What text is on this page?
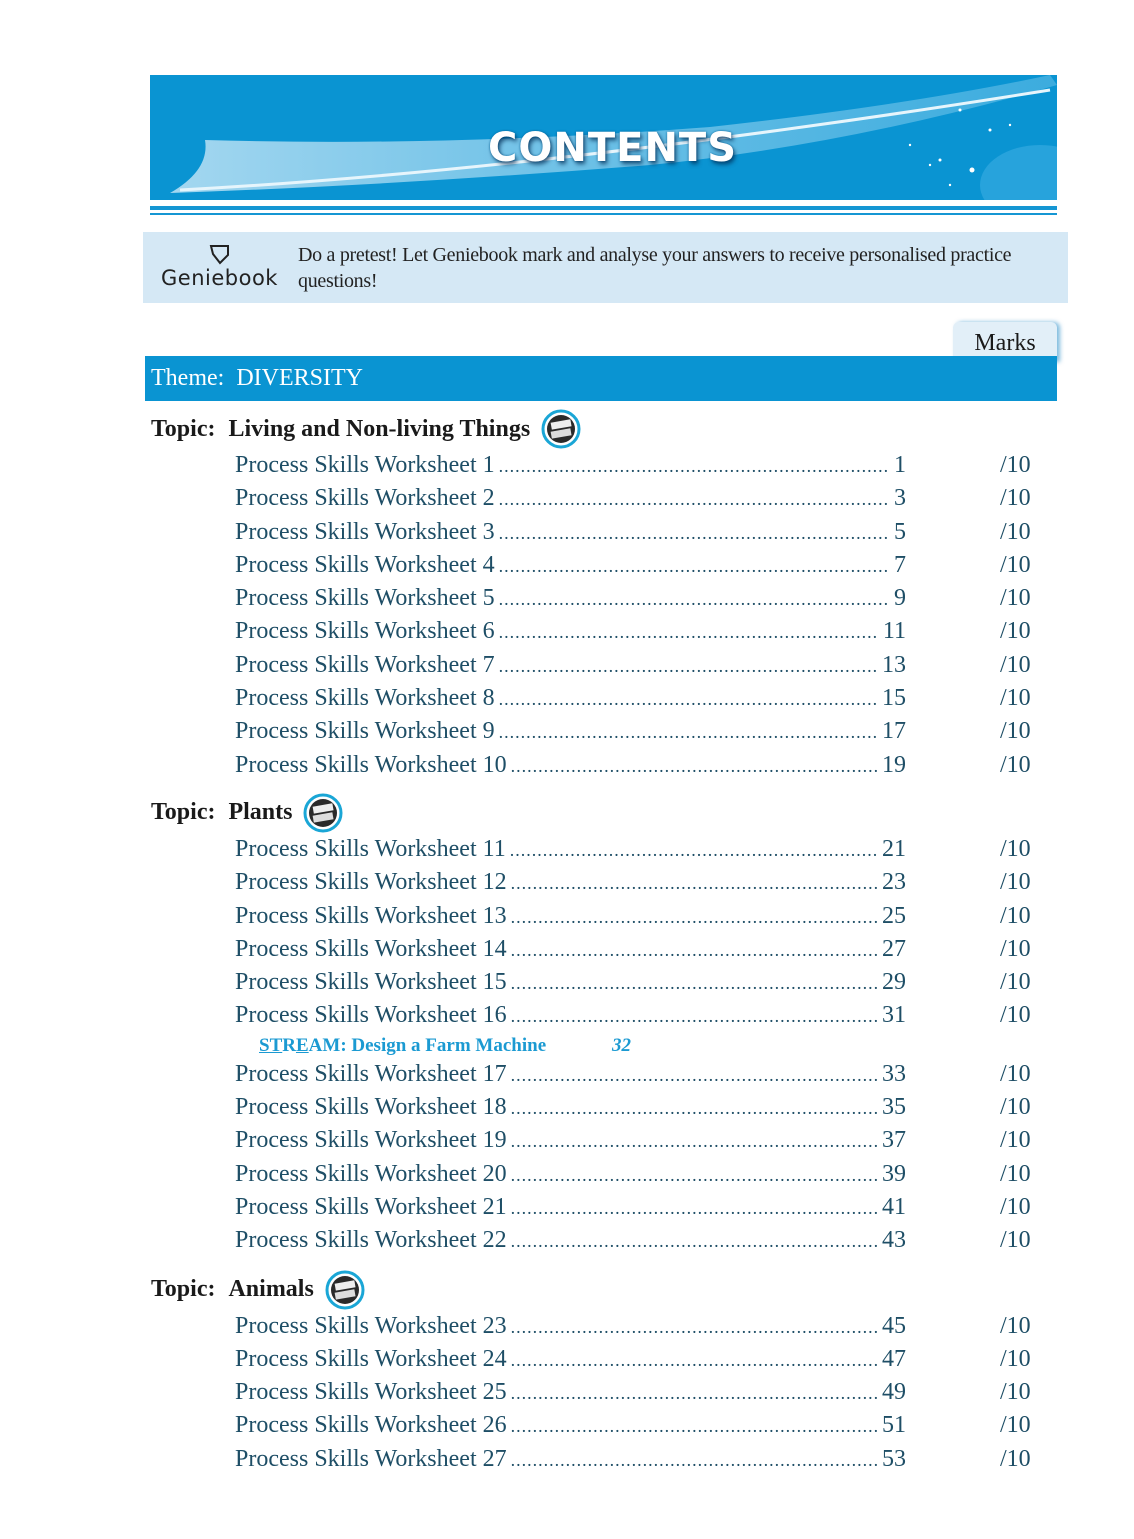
CONTENTS
Geniebook
Do a pretest! Let Geniebook mark and analyse your answers to receive personalised practice questions!
Marks
Theme: DIVERSITY
Topic: Living and Non-living Things
Process Skills Worksheet 1 ....................................................................... 1	/10
Process Skills Worksheet 2 ....................................................................... 3	/10
Process Skills Worksheet 3 ....................................................................... 5	/10
Process Skills Worksheet 4 ....................................................................... 7	/10
Process Skills Worksheet 5 ....................................................................... 9	/10
Process Skills Worksheet 6 ..................................................................... 11	/10
Process Skills Worksheet 7 ..................................................................... 13	/10
Process Skills Worksheet 8 ..................................................................... 15	/10
Process Skills Worksheet 9 ..................................................................... 17	/10
Process Skills Worksheet 10 ................................................................... 19	/10
Topic: Plants
Process Skills Worksheet 11 ................................................................... 21	/10
Process Skills Worksheet 12 ................................................................... 23	/10
Process Skills Worksheet 13 ................................................................... 25	/10
Process Skills Worksheet 14 ................................................................... 27	/10
Process Skills Worksheet 15 ................................................................... 29	/10
Process Skills Worksheet 16 ................................................................... 31	/10
STREAM: Design a Farm Machine	32
Process Skills Worksheet 17 ................................................................... 33	/10
Process Skills Worksheet 18 ................................................................... 35	/10
Process Skills Worksheet 19 ................................................................... 37	/10
Process Skills Worksheet 20 ................................................................... 39	/10
Process Skills Worksheet 21 ................................................................... 41	/10
Process Skills Worksheet 22 ................................................................... 43	/10
Topic: Animals
Process Skills Worksheet 23 ................................................................... 45	/10
Process Skills Worksheet 24 ................................................................... 47	/10
Process Skills Worksheet 25 ................................................................... 49	/10
Process Skills Worksheet 26 ................................................................... 51	/10
Process Skills Worksheet 27 ................................................................... 53	/10
